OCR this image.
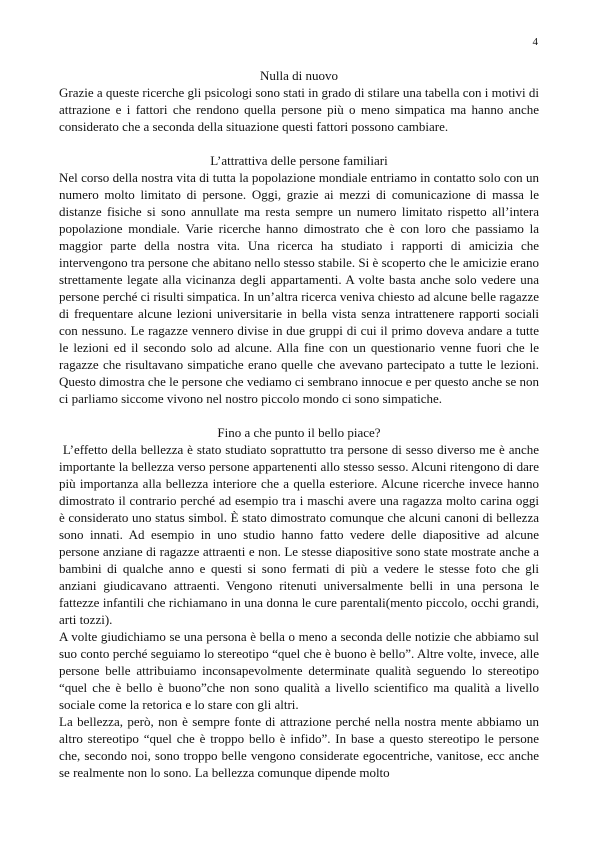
4
Nulla di nuovo

Grazie a queste ricerche gli psicologi sono stati in grado di stilare una tabella con i motivi di attrazione e i fattori che rendono quella persone più o meno simpatica ma hanno anche considerato che a seconda della situazione questi fattori possono cambiare.

L’attrattiva delle persone familiari

Nel corso della nostra vita di tutta la popolazione mondiale entriamo in contatto solo con un numero molto limitato di persone. Oggi, grazie ai mezzi di comunicazione di massa le distanze fisiche si sono annullate ma resta sempre un numero limitato rispetto all’intera popolazione mondiale. Varie ricerche hanno dimostrato che è con loro che passiamo la maggior parte della nostra vita. Una ricerca ha studiato i rapporti di amicizia che intervengono tra persone che abitano nello stesso stabile. Si è scoperto che le amicizie erano strettamente legate alla vicinanza degli appartamenti. A volte basta anche solo vedere una persone perché ci risulti simpatica. In un’altra ricerca veniva chiesto ad alcune belle ragazze di frequentare alcune lezioni universitarie in bella vista senza intrattenere rapporti sociali con nessuno. Le ragazze vennero divise in due gruppi di cui il primo doveva andare a tutte le lezioni ed il secondo solo ad alcune. Alla fine con un questionario venne fuori che le ragazze che risultavano simpatiche erano quelle che avevano partecipato a tutte le lezioni. Questo dimostra che le persone che vediamo ci sembrano innocue e per questo anche se non ci parliamo siccome vivono nel nostro piccolo mondo ci sono simpatiche.

Fino a che punto il bello piace?

L’effetto della bellezza è stato studiato soprattutto tra persone di sesso diverso me è anche importante la bellezza verso persone appartenenti allo stesso sesso. Alcuni ritengono di dare più importanza alla bellezza interiore che a quella esteriore. Alcune ricerche invece hanno dimostrato il contrario perché ad esempio tra i maschi avere una ragazza molto carina oggi è considerato uno status simbol. È stato dimostrato comunque che alcuni canoni di bellezza sono innati. Ad esempio in uno studio hanno fatto vedere delle diapositive ad alcune persone anziane di ragazze attraenti e non. Le stesse diapositive sono state mostrate anche a bambini di qualche anno e questi si sono fermati di più a vedere le stesse foto che gli anziani giudicavano attraenti. Vengono ritenuti universalmente belli in una persona le fattezze infantili che richiamano in una donna le cure parentali(mento piccolo, occhi grandi, arti tozzi).

A volte giudichiamo se una persona è bella o meno a seconda delle notizie che abbiamo sul suo conto perché seguiamo lo stereotipo “quel che è buono è bello”. Altre volte, invece, alle persone belle attribuiamo inconsapevolmente determinate qualità seguendo lo stereotipo “quel che è bello è buono”che non sono qualità a livello scientifico ma qualità a livello sociale come la retorica e lo stare con gli altri.

La bellezza, però, non è sempre fonte di attrazione perché nella nostra mente abbiamo un altro stereotipo “quel che è troppo bello è infido”. In base a questo stereotipo le persone che, secondo noi, sono troppo belle vengono considerate egocentriche, vanitose, ecc anche se realmente non lo sono. La bellezza comunque dipende molto
